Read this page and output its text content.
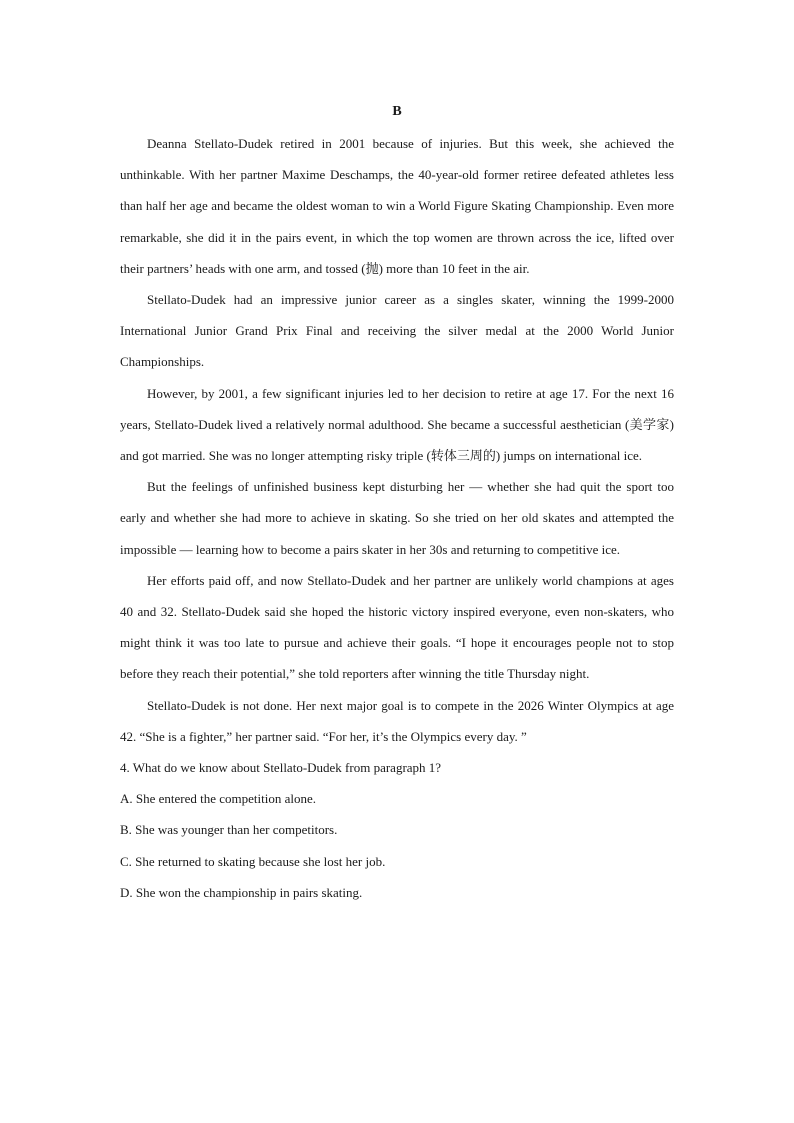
B

Deanna Stellato-Dudek retired in 2001 because of injuries. But this week, she achieved the unthinkable. With her partner Maxime Deschamps, the 40-year-old former retiree defeated athletes less than half her age and became the oldest woman to win a World Figure Skating Championship. Even more remarkable, she did it in the pairs event, in which the top women are thrown across the ice, lifted over their partners’ heads with one arm, and tossed (抛) more than 10 feet in the air.

Stellato-Dudek had an impressive junior career as a singles skater, winning the 1999-2000 International Junior Grand Prix Final and receiving the silver medal at the 2000 World Junior Championships.

However, by 2001, a few significant injuries led to her decision to retire at age 17. For the next 16 years, Stellato-Dudek lived a relatively normal adulthood. She became a successful aesthetician (美学家) and got married. She was no longer attempting risky triple (转体三周的) jumps on international ice.

But the feelings of unfinished business kept disturbing her — whether she had quit the sport too early and whether she had more to achieve in skating. So she tried on her old skates and attempted the impossible — learning how to become a pairs skater in her 30s and returning to competitive ice.

Her efforts paid off, and now Stellato-Dudek and her partner are unlikely world champions at ages 40 and 32. Stellato-Dudek said she hoped the historic victory inspired everyone, even non-skaters, who might think it was too late to pursue and achieve their goals. “I hope it encourages people not to stop before they reach their potential,” she told reporters after winning the title Thursday night.

Stellato-Dudek is not done. Her next major goal is to compete in the 2026 Winter Olympics at age 42. “She is a fighter,” her partner said. “For her, it’s the Olympics every day. ”

4. What do we know about Stellato-Dudek from paragraph 1?

A. She entered the competition alone.

B. She was younger than her competitors.

C. She returned to skating because she lost her job.

D. She won the championship in pairs skating.
